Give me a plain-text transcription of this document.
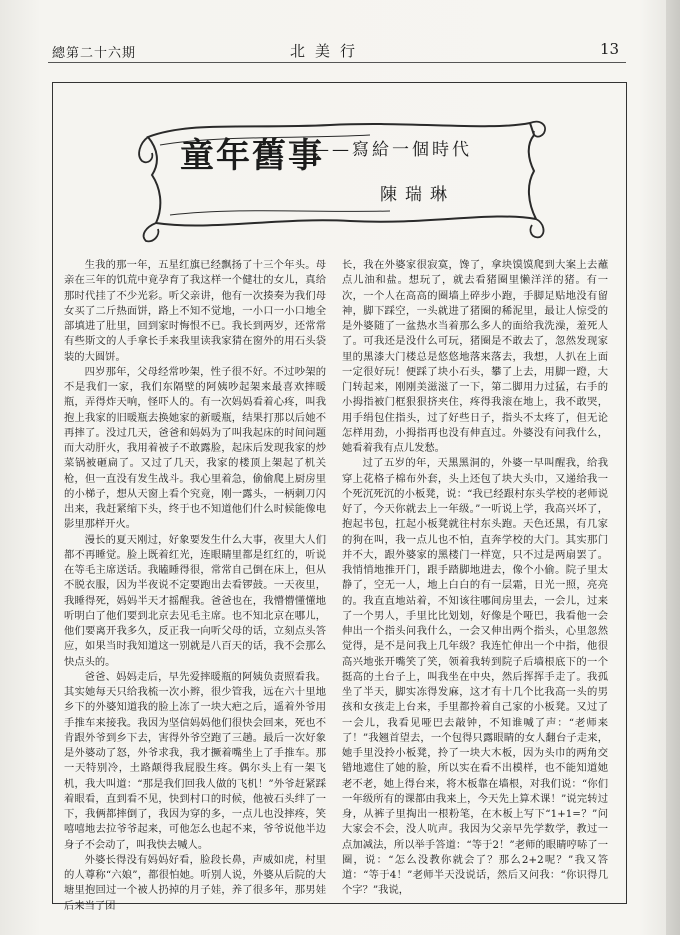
總第二十六期	北美行	13
童年舊事
——寫給一個時代
陳瑞琳

生我的那一年，五星红旗已经飘扬了十三个年头。母亲在三年的饥荒中竟孕育了我这样一个健壮的女儿，真给那时代挂了不少光彩。听父亲讲，他有一次揍奏为我们母女买了二斤热面饼，路上不知不觉地，一小口一小口地全部填进了肚里，回到家时悔恨不已。我长到两岁，还常常有些斯文的人手拿长手来我里读我家猜在窗外的用石头袋装的大圆饼。

四岁那年，父母经常吵架，性子很不好。不过吵架的不是我们一家，我们东隔壁的阿姨吵起架来最喜欢摔暖瓶，弄得炸天响，怪吓人的。有一次妈妈看着心疼，叫我抱上我家的旧暖瓶去换她家的新暖瓶，结果打那以后她不再摔了。没过几天，爸爸和妈妈为了叫我起床的时间问题而大动肝火，我用着被子不敢露脸，起床后发现我家的炒菜锅被砸扁了。又过了几天，我家的楼顶上架起了机关枪，但一直没有发生战斗。我心里着急，偷偷爬上厨房里的小梯子，想从天窗上看个究竟，刚一露头，一柄刺刀闪出来，我赶紧缩下头，终于也不知道他们什么时候能像电影里那样开火。

漫长的夏天刚过，好象要发生什么大事，夜里大人们都不再睡觉。脸上既着红光，连眼睛里都是红红的，听说在等毛主席送话。我瞌睡得很，常常自己倒在床上，但从不脱衣服，因为半夜说不定要跑出去看锣鼓。一天夜里，我睡得死，妈妈半天才摇醒我。爸爸也在，我懵懵懂懂地听明白了他们要到北京去见毛主席。也不知北京在哪儿，他们要离开我多久，反正我一向听父母的话，立刻点头答应，如果当时我知道这一别就是八百天的话，我不会那么快点头的。

爸爸、妈妈走后，早先爱摔暖瓶的阿姨负责照看我。其实她每天只给我梳一次小辫，很少管我，远在六十里地乡下的外婆知道我的脸上冻了一块大疤之后，遥着外爷用手推车来接我。我因为坚信妈妈他们很快会回来，死也不肯跟外爷到乡下去，害得外爷空跑了三趟。最后一次好象是外婆动了怒，外爷求我，我才撅着嘴坐上了手推车。那一天特别冷，土路颠得我屁股生疼。偶尔头上有一架飞机，我大叫道：“那是我们回我人做的飞机！”外爷赶紧踩着眼看，直到看不见，快到村口的时候，他被石头绊了一下，我俩都摔倒了，我因为穿的多，一点儿也没摔疼，笑嘻嘻地去拉爷爷起来，可他怎么也起不来，爷爷说他半边身子不会动了，叫我快去喊人。

外婆长得没有妈妈好看，脸段长鼻，声威如虎，村里的人尊称“六娘”，都很怕她。听别人说，外婆从后院的大塘里抱回过一个被人扔掉的月子娃，养了很多年，那男娃后来当了团

长，我在外婆家很寂寞，馋了，拿块馍馍爬到大案上去蘸点儿油和盐。想玩了，就去看猪圈里懒洋洋的猪。有一次，一个人在高高的圈墙上碎步小跑，手脚足贴地没有留神，脚下踩空，一头就进了猪圈的稀泥里，最让人惊受的是外婆随了一盆热水当着那么多人的面给我洗澡，羞死人了。可我还是没什么可玩，猪圈是不敢去了，忽然发现家里的黑漆大门楼总是悠悠地落来落去，我想，人扒在上面一定很好玩！便踩了块小石头，攀了上去，用脚一蹬，大门转起来，刚刚美滋滋了一下，第二脚用力过猛，右手的小拇指被门框狠狠挤夹住，疼得我滚在地上，我不敢哭，用手绢包住指头，过了好些日子，指头不太疼了，但无论怎样用劲，小拇指再也没有伸直过。外婆没有问我什么，她看着我有点儿发愁。

过了五岁的年，天黑黑洞的，外婆一早叫醒我，给我穿上花格子棉布外套，头上还包了块大头巾，又递给我一个死沉死沉的小板凳，说：“我已经跟村东头学校的老师说好了，今天你就去上一年级。”一听说上学，我高兴坏了，抱起书包，扛起小板凳就往村东头跑。天色还黑，有几家的狗在叫，我一点儿也不怕，直奔学校的大门。其实那门并不大，跟外婆家的黑楼门一样宽，只不过是两扇罢了。我悄悄地推开门，跟手踏脚地进去，像个小偷。院子里太静了，空无一人，地上白白的有一层霜，日光一照，亮亮的。我直直地站着，不知该往哪间房里去，一会儿，过来了一个男人，手里比比划划，好像是个哑巴，我看他一会伸出一个指头问我什么，一会又伸出两个指头，心里忽然觉得，是不是问我上几年级？我连忙伸出一个中指，他很高兴地张开嘴笑了笑，领着我转到院子后墙根底下的一个挺高的土台子上，叫我坐在中央，然后挥挥手走了。我孤坐了半天，脚实冻得发麻，这才有十几个比我高一头的男孩和女孩走上台来，手里都拎着自己家的小板凳。又过了一会儿，我看见哑巴去敲钟，不知谁喊了声：“老师来了！”我翘首望去，一个包得只露眼睛的女人翻台子走来，她手里没拎小板凳，拎了一块大木板，因为头巾的两角交错地遮住了她的脸，所以实在看不出模样，也不能知道她老不老，她上得台来，将木板靠在墙根，对我们说：“你们一年级所有的课都由我来上，今天先上算术课！”说完转过身，从裤子里掏出一根粉笔，在木板上写下“1+1=？”问大家会不会，没人吭声。我因为父亲早先学数学，教过一点加减法，所以举手答道：“等于2！”老师的眼睛哼哧了一圈，说：“怎么没教你就会了？那么2+2呢？”我又答道：“等于4！”老师半天没说话，然后又问我：“你识得几个字？”我说，
